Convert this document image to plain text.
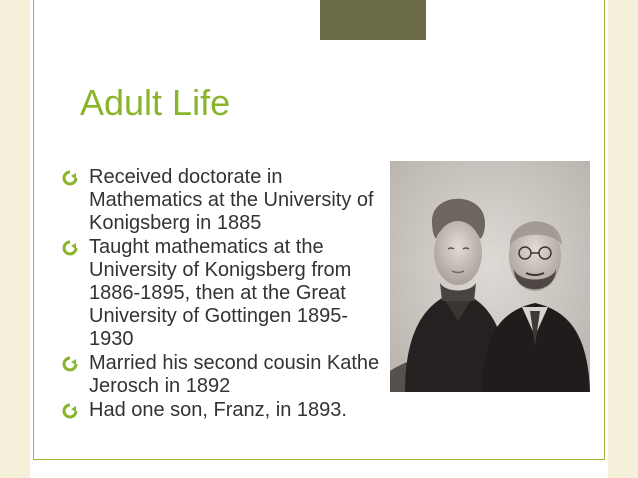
Adult Life
Received doctorate in Mathematics at the University of Konigsberg in 1885
Taught mathematics at the University of Konigsberg from 1886-1895, then at the Great University of Gottingen 1895-1930
Married his second cousin Kathe Jerosch in 1892
Had one son, Franz, in 1893.
